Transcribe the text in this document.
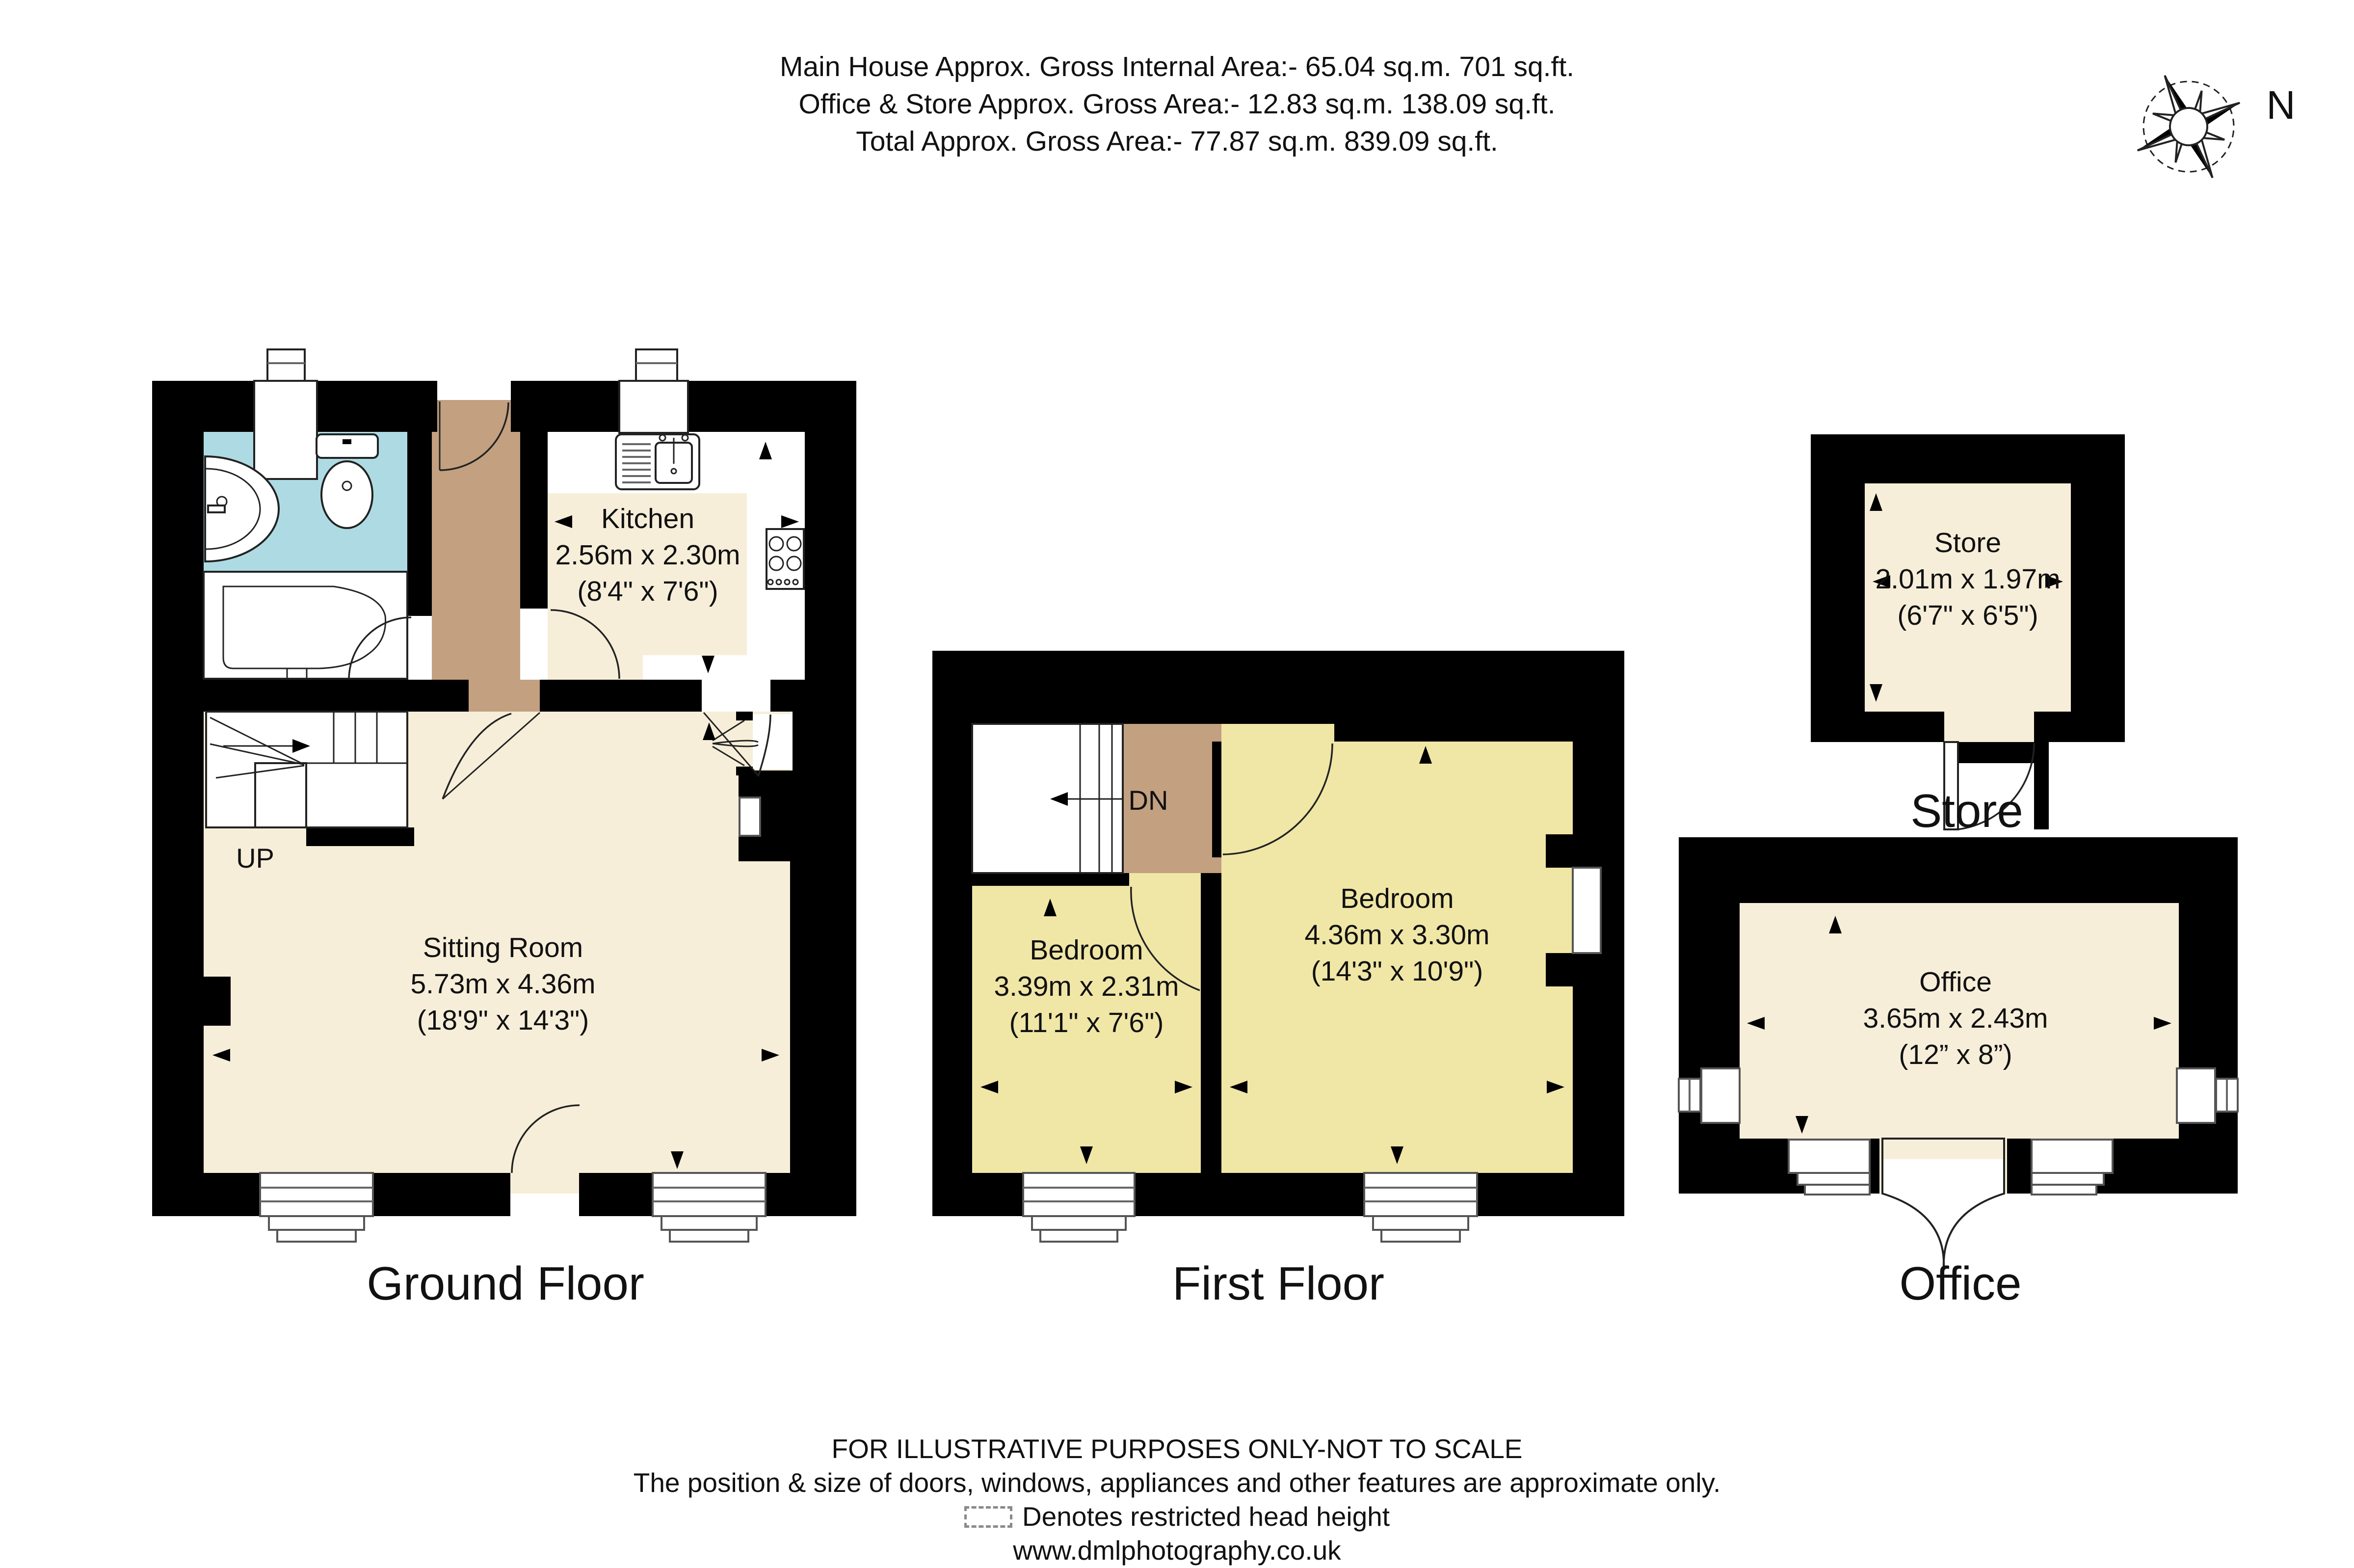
Main House Approx. Gross Internal Area:- 65.04 sq.m. 701 sq.ft.
Office & Store Approx. Gross Area:- 12.83 sq.m. 138.09 sq.ft.
Total Approx. Gross Area:- 77.87 sq.m. 839.09 sq.ft.
N
UP
Kitchen
2.56m x 2.30m
(8'4" x 7'6")
Sitting Room
5.73m x 4.36m
(18'9" x 14'3")
Ground Floor
DN
Bedroom
3.39m x 2.31m
(11'1" x 7'6")
Bedroom
4.36m x 3.30m
(14'3" x 10'9")
First Floor
Store
2.01m x 1.97m
(6'7" x 6'5")
Store
Office
3.65m x 2.43m
(12” x 8”)
Office
FOR ILLUSTRATIVE PURPOSES ONLY-NOT TO SCALE
The position & size of doors, windows, appliances and other features are approximate only.
Denotes restricted head height
www.dmlphotography.co.uk
